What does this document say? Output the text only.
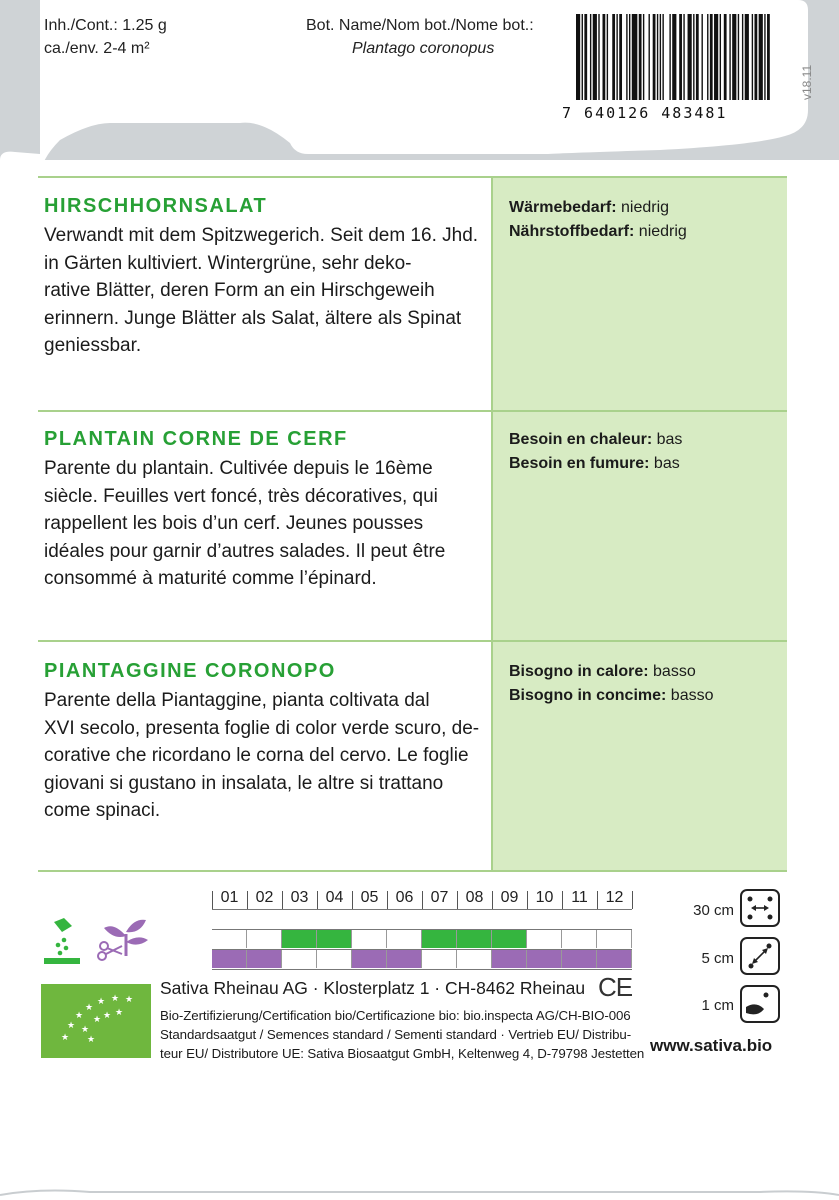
Inh./Cont.: 1.25 g
ca./env. 2-4 m²
Bot. Name/Nom bot./Nome bot.:
Plantago coronopus
7 640126 483481
v18.11
HIRSCHHORNSALAT
Verwandt mit dem Spitzwegerich. Seit dem 16. Jhd.
in Gärten kultiviert. Wintergrüne, sehr deko-
rative Blätter, deren Form an ein Hirschgeweih
erinnern. Junge Blätter als Salat, ältere als Spinat
geniessbar.
Wärmebedarf: niedrig
Nährstoffbedarf: niedrig
PLANTAIN CORNE DE CERF
Parente du plantain. Cultivée depuis le 16ème
siècle. Feuilles vert foncé, très décoratives, qui
rappellent les bois d’un cerf. Jeunes pousses
idéales pour garnir d’autres salades. Il peut être
consommé à maturité comme l’épinard.
Besoin en chaleur: bas
Besoin en fumure: bas
PIANTAGGINE CORONOPO
Parente della Piantaggine, pianta coltivata dal
XVI secolo, presenta foglie di color verde scuro, de-
corative che ricordano le corna del cervo. Le foglie
giovani si gustano in insalata, le altre si trattano
come spinaci.
Bisogno in calore: basso
Bisogno in concime: basso
01	02	03	04	05	06	07	08	09	10	11	12
30 cm
5 cm
1 cm
★
★
★
★
★ ★ ★
★ ★ ★
★
★
Sativa Rheinau AG · Klosterplatz 1 · CH-8462 Rheinau CE
Bio-Zertifizierung/Certification bio/Certificazione bio: bio.inspecta AG/CH-BIO-006
Standardsaatgut / Semences standard / Sementi standard · Vertrieb EU/ Distribu-
teur EU/ Distributore UE: Sativa Biosaatgut GmbH, Keltenweg 4, D-79798 Jestetten www.sativa.bio
